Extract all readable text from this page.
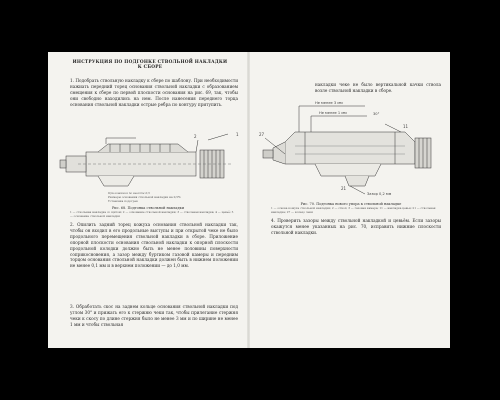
ИНСТРУКЦИЯ ПО ПОДГОНКЕ СТВОЛЬНОЙ НАКЛАДКИ
К СБОРЕ

1. Подобрать ствольную накладку к сбере по шаблону. При необходимости нажиать передний торец основания ствольной накладки с образованием смещения к сбере по первой плоскости основания на рис. 69, так, чтобы они свободно находились на нем. После нанесения переднего торца основания ствольной накладки острые ребра по контуру притупить.

1
2

Приложения по высоте 0,5

Размеры основания ствольной накладки на 0,5%

Установка подогрев

Рис. 68. Подгонка ствольной накладки

1 — ствольная накладка со щитом; 2 — основание ствольной накладки; 3 — ствольная накладка; 4 — цевьё; 5 — основание ствольной накладки

2. Опилить задний торец кожуха основания ствольной накладки так, чтобы он входил в его продольные выступы и при открытой чеке не было продольного перемещения ствольной накладки в сборе. Приложение опорной плоскости основания ствольной накладки к опорной плоскости продольной колодки должно быть не менее половины поверхности соприкосновения, а зазор между буртиком газовой камеры и передним торцом основания ствольной накладки должен быть в нижнем положении не менее 0,1 мм и в верхнем положении — до 1,0 мм.

3. Обработать скос на заднем кольце основания ствольной накладки под углом 30° и прижать его к стержню чеки так, чтобы прилегание стержня чеки к скосу по длине стержня было не менее 3 мм и по ширине не менее 1 мм и чтобы ствольная

накладки чеке не было вертикальной качки ствола возле ствольной накладки в сборе.

Не менее 3 мм
Не менее 1 мм	30°
Зазор 0,2 мм
27
11
21

Рис. 70. Подгонка нового упора к ствольной накладке

1 — основа кожуха ствольной накладки; 2 — ствол; 3 — газовая камера; 11 — накладка цевья; 21 — ствольная накладка; 27 — кольцо чеки

4. Проверить зазоры между ствольной накладкой и цевьём. Если зазоры окажутся менее указанных на рис. 70, исправить нижние плоскости ствольной накладки.
